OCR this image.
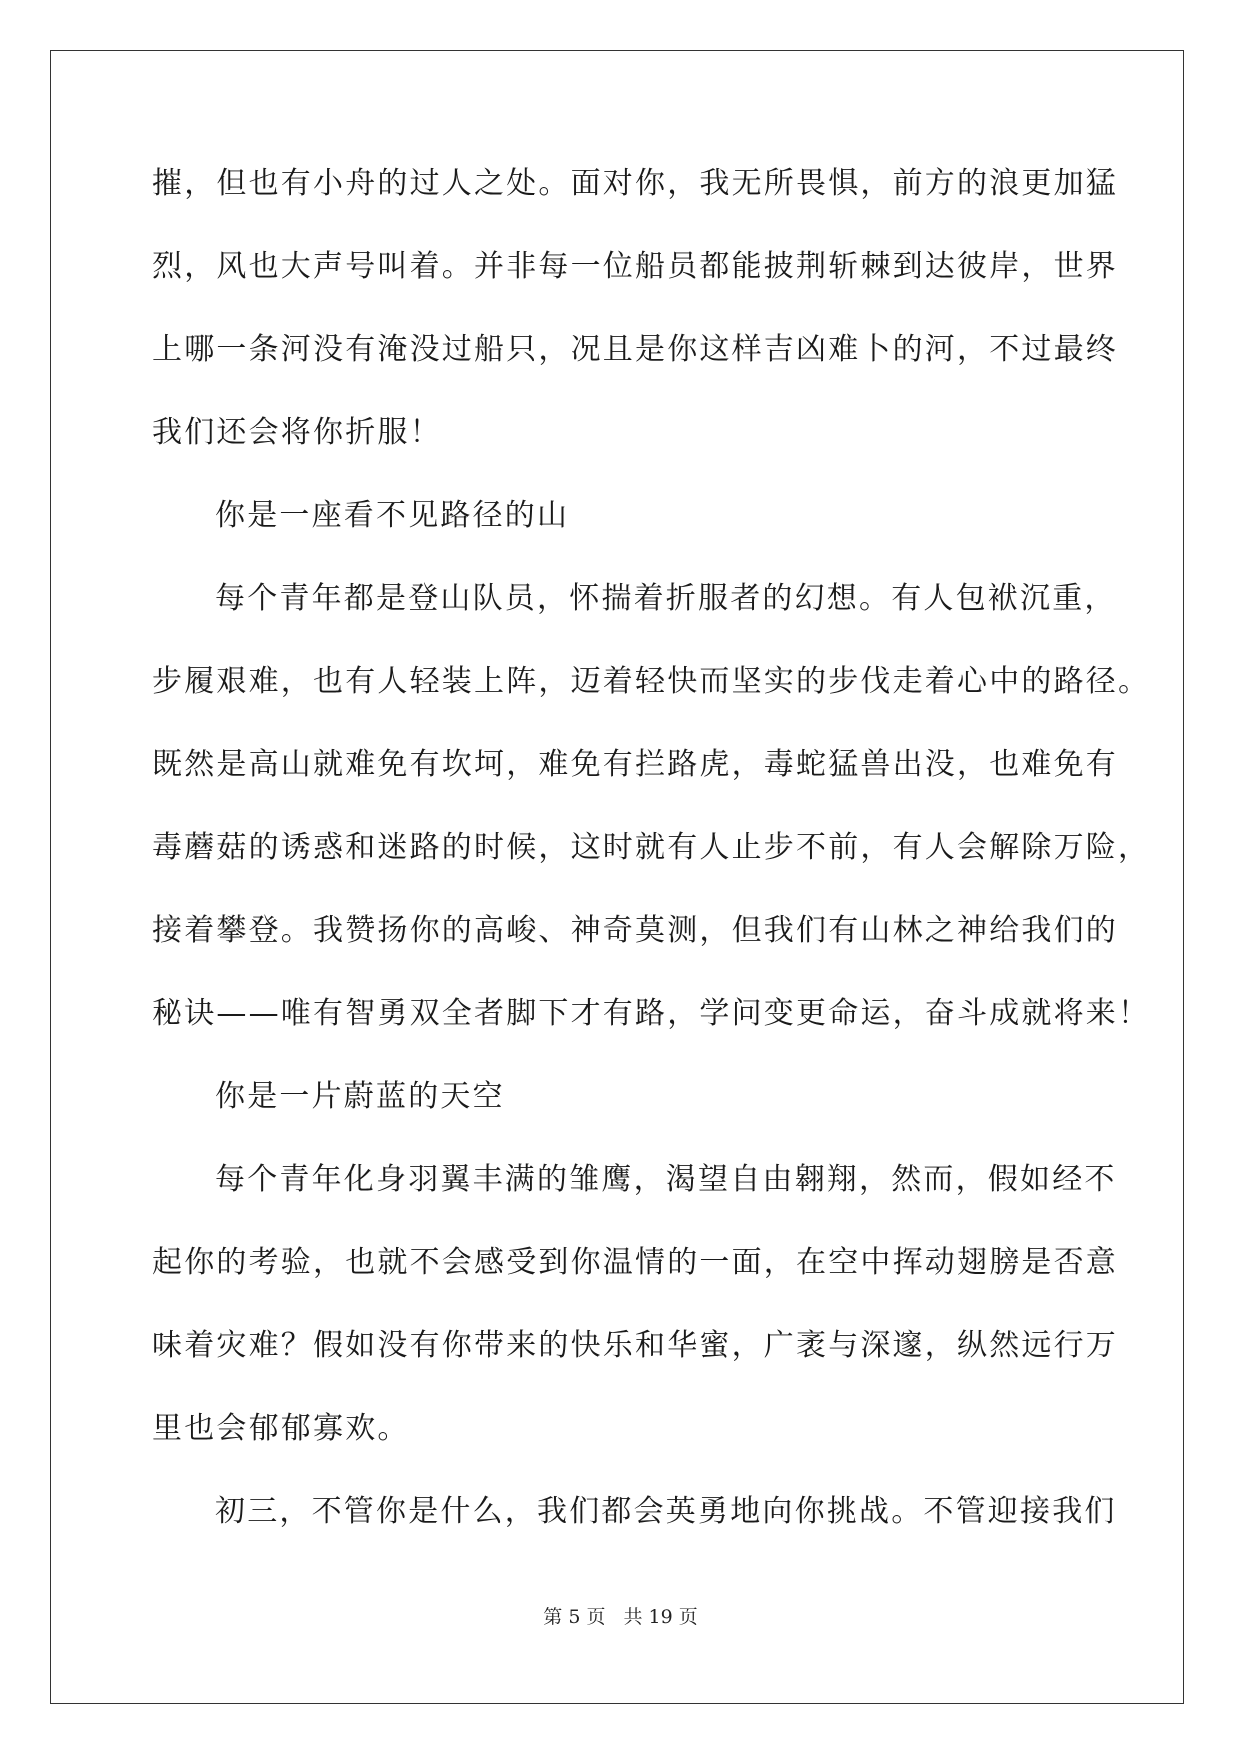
摧，但也有小舟的过人之处。面对你，我无所畏惧，前方的浪更加猛

烈，风也大声号叫着。并非每一位船员都能披荆斩棘到达彼岸，世界

上哪一条河没有淹没过船只，况且是你这样吉凶难卜的河，不过最终

我们还会将你折服！

你是一座看不见路径的山

每个青年都是登山队员，怀揣着折服者的幻想。有人包袱沉重，

步履艰难，也有人轻装上阵，迈着轻快而坚实的步伐走着心中的路径。

既然是高山就难免有坎坷，难免有拦路虎，毒蛇猛兽出没，也难免有

毒蘑菇的诱惑和迷路的时候，这时就有人止步不前，有人会解除万险，

接着攀登。我赞扬你的高峻、神奇莫测，但我们有山林之神给我们的

秘诀——唯有智勇双全者脚下才有路，学问变更命运，奋斗成就将来！

你是一片蔚蓝的天空

每个青年化身羽翼丰满的雏鹰，渴望自由翱翔，然而，假如经不

起你的考验，也就不会感受到你温情的一面，在空中挥动翅膀是否意

味着灾难？假如没有你带来的快乐和华蜜，广袤与深邃，纵然远行万

里也会郁郁寡欢。

初三，不管你是什么，我们都会英勇地向你挑战。不管迎接我们

第 5 页 共 19 页
